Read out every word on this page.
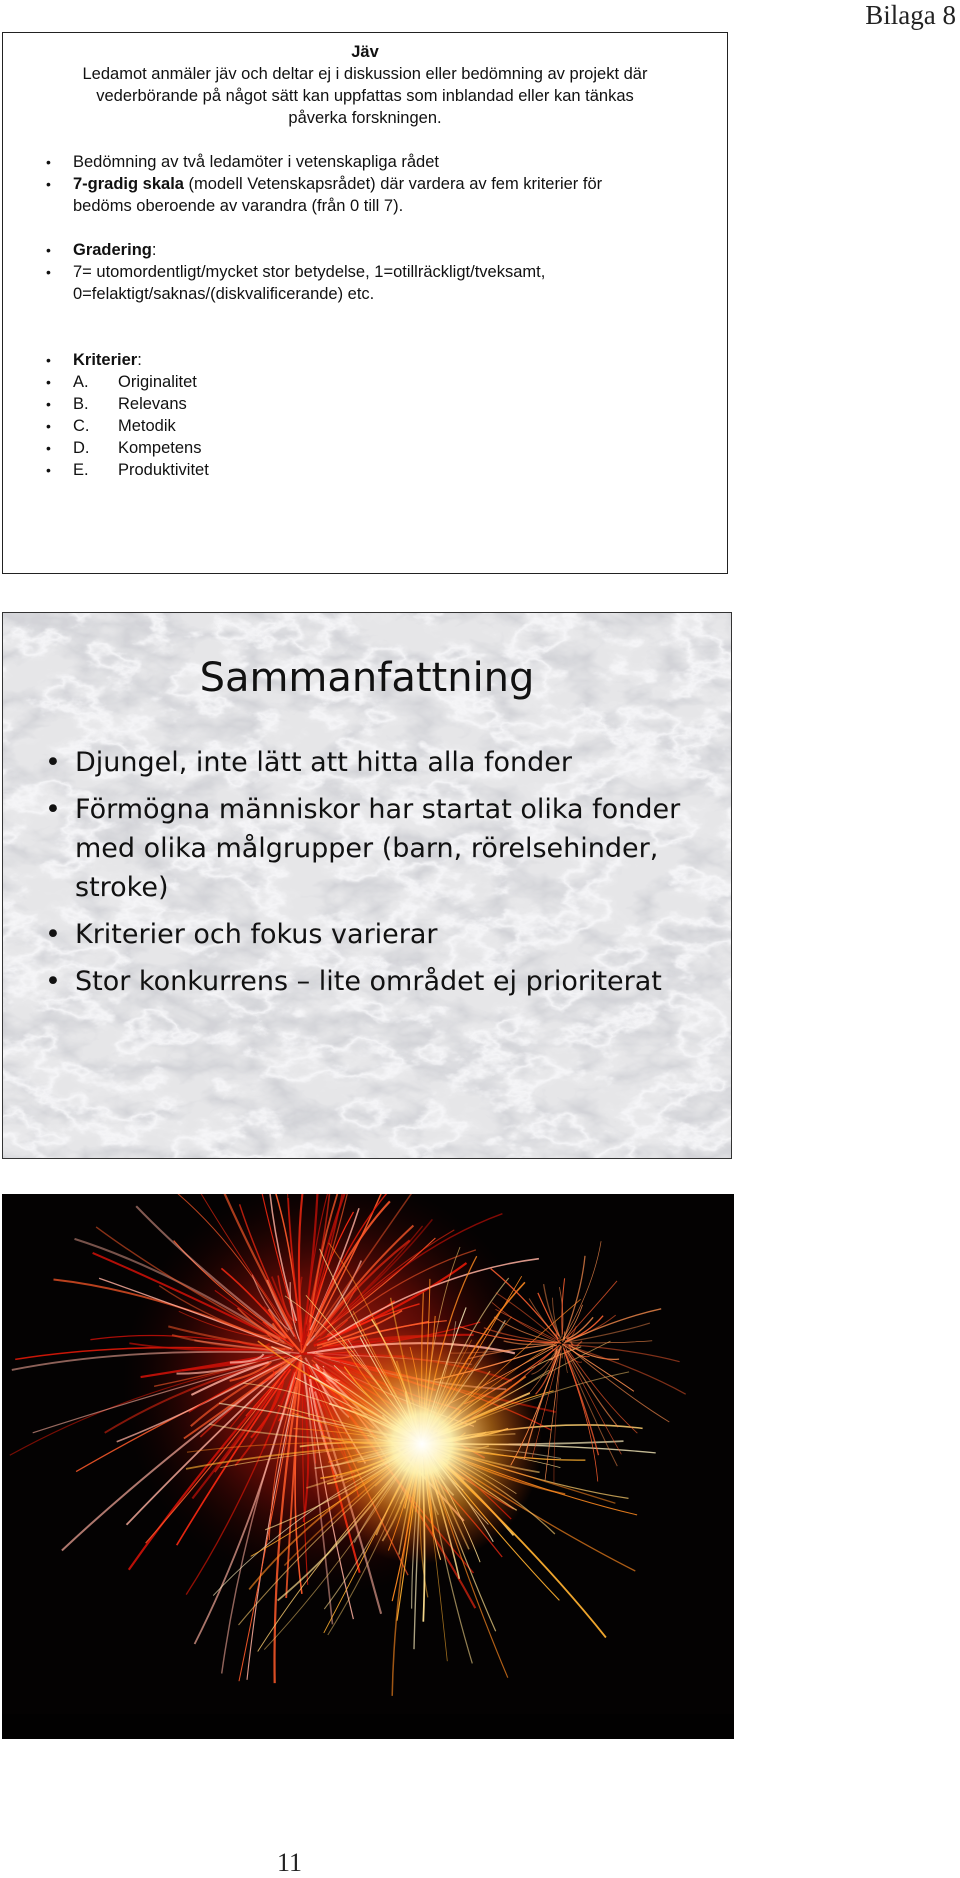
Bilaga 8
Jäv
Ledamot anmäler jäv och deltar ej i diskussion eller bedömning av projekt där
vederbörande på något sätt kan uppfattas som inblandad eller kan tänkas
påverka forskningen.
• Bedömning av två ledamöter i vetenskapliga rådet
• 7-gradig skala (modell Vetenskapsrådet) där vardera av fem kriterier för
bedöms oberoende av varandra (från 0 till 7).
• Gradering:
• 7= utomordentligt/mycket stor betydelse, 1=otillräckligt/tveksamt,
0=felaktigt/saknas/(diskvalificerande) etc.
• Kriterier:
• A. Originalitet
• B. Relevans
• C. Metodik
• D. Kompetens
• E. Produktivitet
Sammanfattning
• Djungel, inte lätt att hitta alla fonder
• Förmögna människor har startat olika fonder med olika målgrupper (barn, rörelsehinder, stroke)
• Kriterier och fokus varierar
• Stor konkurrens – lite området ej prioriterat
11
